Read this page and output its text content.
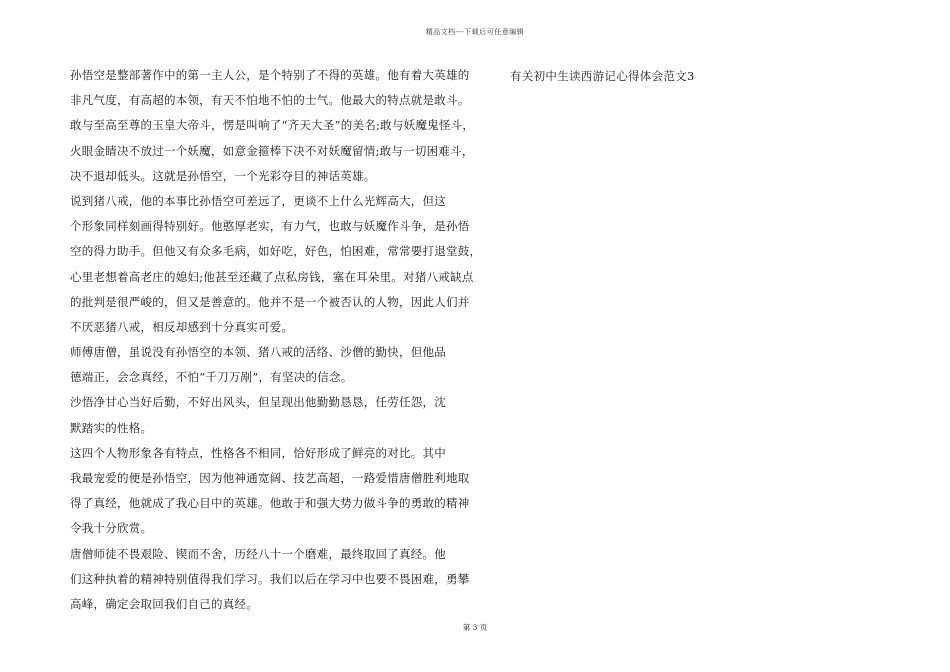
精品文档---下载后可任意编辑
孙悟空是整部著作中的第一主人公，是个特别了不得的英雄。他有着大英雄的
非凡气度，有高超的本领，有天不怕地不怕的士气。他最大的特点就是敢斗。
敢与至高至尊的玉皇大帝斗，愣是叫响了“齐天大圣”的美名;敢与妖魔鬼怪斗，
火眼金睛决不放过一个妖魔，如意金箍棒下决不对妖魔留情;敢与一切困难斗，
决不退却低头。这就是孙悟空，一个光彩夺目的神话英雄。
说到猪八戒，他的本事比孙悟空可差远了，更谈不上什么光辉高大，但这
个形象同样刻画得特别好。他憨厚老实，有力气，也敢与妖魔作斗争，是孙悟
空的得力助手。但他又有众多毛病，如好吃，好色，怕困难，常常要打退堂鼓，
心里老想着高老庄的媳妇;他甚至还藏了点私房钱，塞在耳朵里。对猪八戒缺点
的批判是很严峻的，但又是善意的。他并不是一个被否认的人物，因此人们并
不厌恶猪八戒，相反却感到十分真实可爱。
师傅唐僧，虽说没有孙悟空的本领、猪八戒的活络、沙僧的勤快，但他品
德端正，会念真经，不怕“千刀万剐”，有坚决的信念。
沙悟净甘心当好后勤，不好出风头，但呈现出他勤勤恳恳，任劳任怨，沈
默踏实的性格。
这四个人物形象各有特点，性格各不相同，恰好形成了鲜亮的对比。其中
我最宠爱的便是孙悟空，因为他神通宽阔、技艺高超，一路爱惜唐僧胜利地取
得了真经，他就成了我心目中的英雄。他敢于和强大势力做斗争的勇敢的精神
令我十分欣赏。
唐僧师徒不畏艰险、锲而不舍，历经八十一个磨难，最终取回了真经。他
们这种执着的精神特别值得我们学习。我们以后在学习中也要不畏困难，勇攀
高峰，确定会取回我们自己的真经。
有关初中生读西游记心得体会范文3
第 3 页
